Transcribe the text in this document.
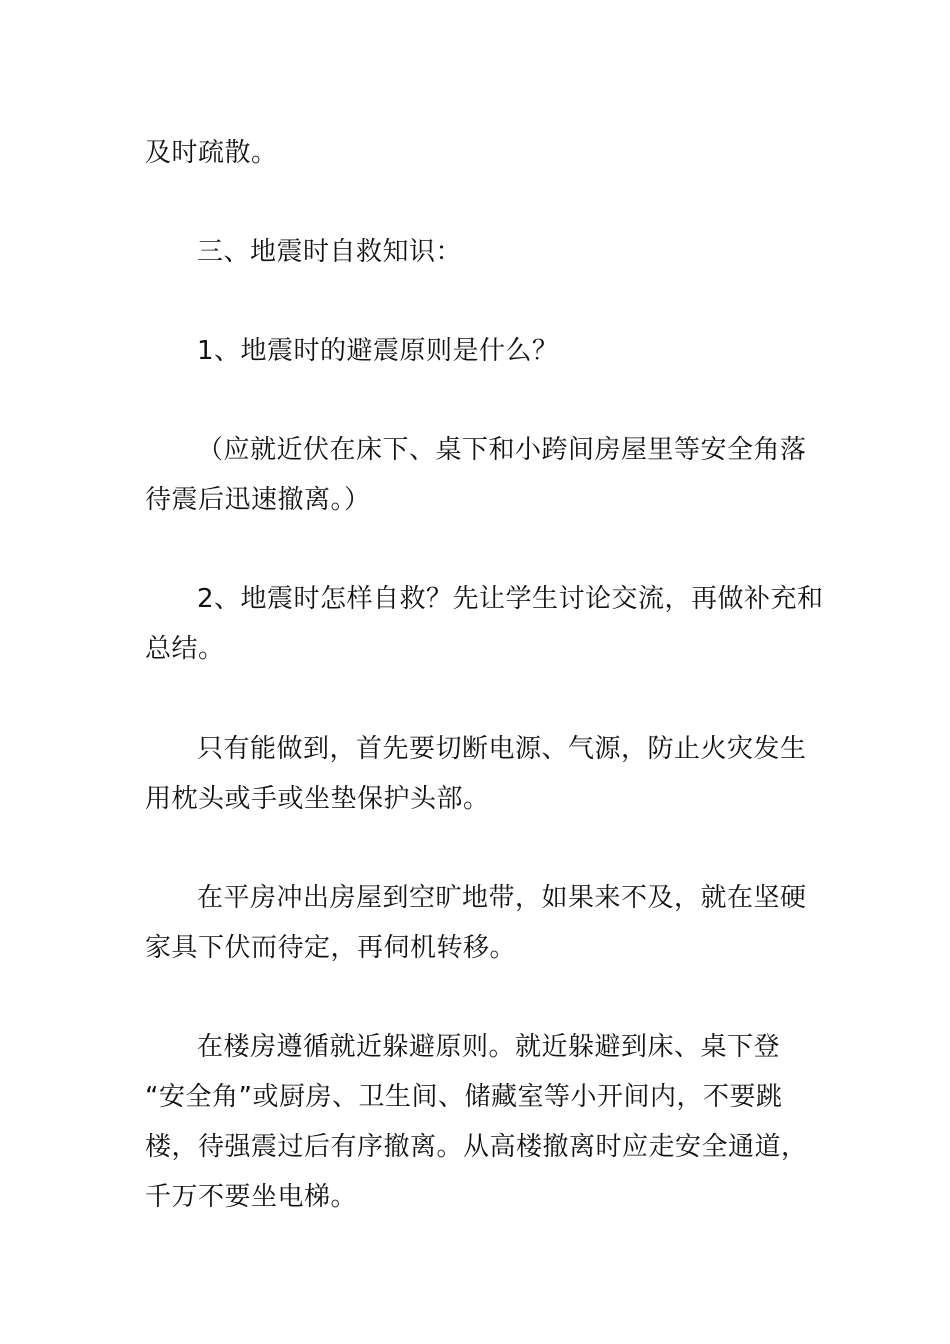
及时疏散。
三、地震时自救知识：
1、地震时的避震原则是什么？
（应就近伏在床下、桌下和小跨间房屋里等安全角落
待震后迅速撤离。）
2、地震时怎样自救？先让学生讨论交流，再做补充和
总结。
只有能做到，首先要切断电源、气源，防止火灾发生
用枕头或手或坐垫保护头部。
在平房冲出房屋到空旷地带，如果来不及，就在坚硬
家具下伏而待定，再伺机转移。
在楼房遵循就近躲避原则。就近躲避到床、桌下登
“安全角”或厨房、卫生间、储藏室等小开间内，不要跳
楼，待强震过后有序撤离。从高楼撤离时应走安全通道，
千万不要坐电梯。
